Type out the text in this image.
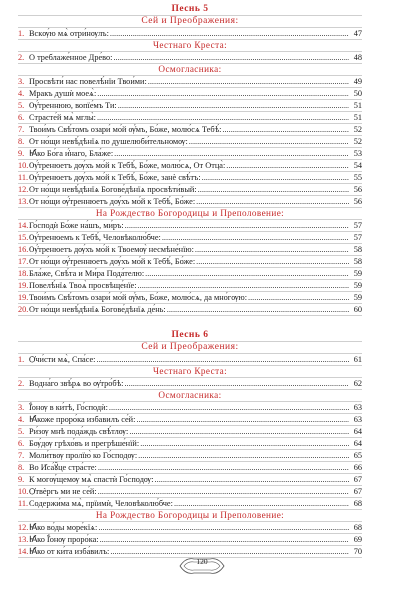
Песнь 5
Сей и Преображения:
1. Вскѹ́ю мѧ̀ отри́нѹлъ: .....	47
Честнаго Креста:
2. О треблаже́нное Дре́во: .....	48
Осмогласника:
3. Просвѣти́ нас повелѣ́нїи Твои́ми: .....	49
4. Мракъ душѝ моеѧ̀: .....	50
5. Ѹ҆́треннюю, вопїе́мъ Ти: .....	51
6. Страсте́й мѧ̀ мглы̀: .....	51
7. Твои́мъ Свѣ́томъ озари́ мо́й ѹ҆́мъ, Бо́же, молю́сѧ Тебѣ́: .....	52
8. От но́щи невѣ́дѣнїѧ по душелюби́тельномѹ: .....	52
9. Ꙗ҆́ко Бо́га и҆́наго, Бла́же: .....	53
10. Ѹ҆́тренюетъ дѹ́хъ мо́й к Тебѣ́, Бо́же, молю́сѧ, От Отца̀: .....	54
11. Ѹ҆́тренюетъ дѹ́хъ мо́й к Тебѣ́, Бо́же, занѐ свѣ́тъ: .....	55
12. От но́щи невѣ́дѣнїѧ Богове́дѣнїѧ просвѣти́вый: .....	56
13. От но́щи ѹ҆́треннюетъ дѹ́хъ мо́й к Тебѣ́, Бо́же: .....	56
На Рождество Богородицы и Преполовение:
14. Го́сподѝ Бо́же на́шъ, ми́ръ: .....	57
15. Ѹ҆́тренюемъ к Тебѣ́, Человѣколю́бче: .....	57
16. Ѹ҆́тренюетъ дѹ́хъ мо́й к Твоемѹ̀ несмѣне́нїю: .....	58
17. От но́щи ѹ҆́треннюетъ дѹ́хъ мо́й к Тебѣ́, Бо́же: .....	58
18. Бла́же, Свѣ́та и Ми́ра Пода́телю: .....	59
19. Повелѣ́нїѧ Твоѧ̀ просвѣще́нїе: .....	59
19. Твои́мъ Свѣ́томъ озари́ мо́й ѹ҆́мъ, Бо́же, молю́сѧ, да мно́гѹю: .....	59
20. От но́щи невѣ́дѣнїѧ Богове́дѣнїѧ де́нь: .....	60
Песнь 6
Сей и Преображения:
1. Ѻ҆чи́сти мѧ̀, Спа́се: .....	61
Честнаго Креста:
2. Водна́го звѣ́рѧ во ѹ҆тро́бѣ: .....	62
Осмогласника:
3. Ї҆́онѹ в ки́тѣ, Го́сподѝ: .....	63
4. Ꙗ҆́коже проро́ка избавилъ се́й: .....	63
5. Ри́зѹ мнѣ пода́ждь свѣ́тлѹ: .....	64
6. Бѹ́дѹ грѣхо́въ и прегрѣше́нїй: .....	64
7. Моли́твѹ пролїю̀ ко Го́сподѹ: .....	65
8. Во И҆са́ꙋ̆це стра́сте: .....	66
9. К могѹ́щемѹ мѧ̀ спастѝ Го́сподѹ: .....	67
10. Ѻ҆твѐргъ ми не се́й: .....	67
11. Содержи́ма мѧ̀, прїимѝ, Человѣколю́бче: .....	68
На Рождество Богородицы и Преполовение:
12. Ꙗ҆́ко во́ды море́кїѧ: .....	68
13. Ꙗ҆́ко Ї҆́онѹ проро́ка: .....	69
14. Ꙗ҆́ко от ки́та изба́вилъ: .....	70
120
